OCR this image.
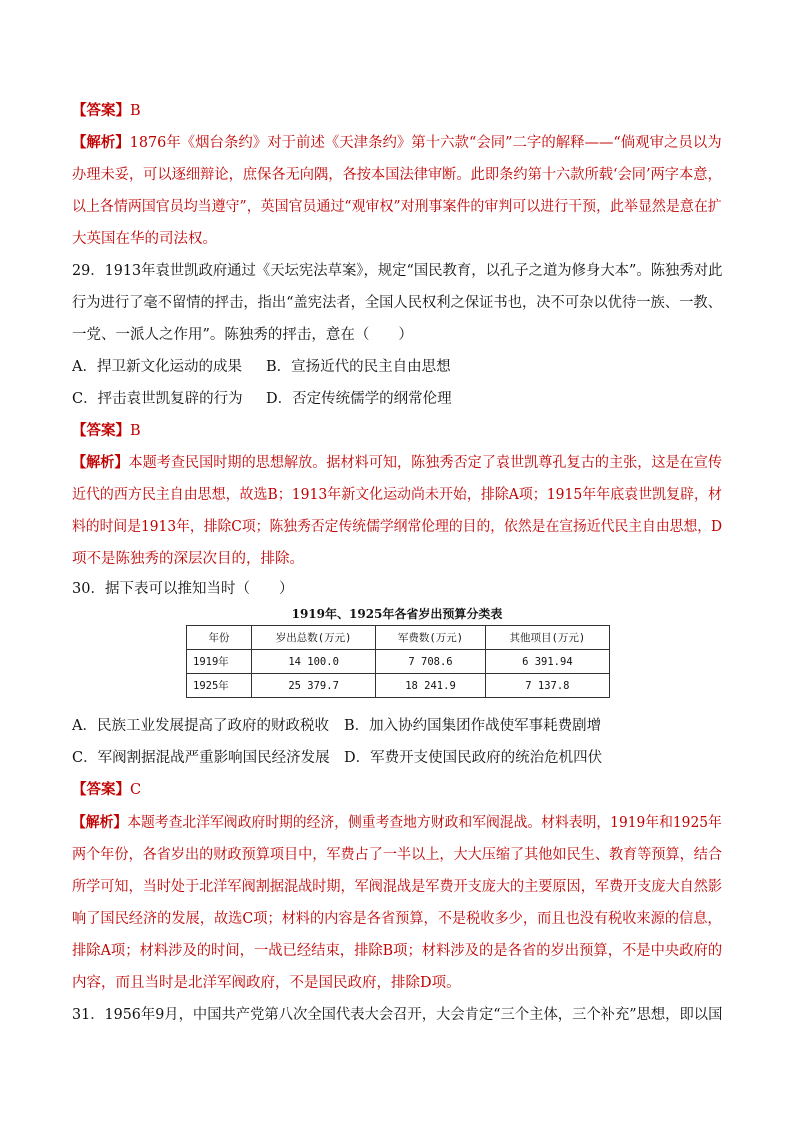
【答案】B
【解析】1876年《烟台条约》对于前述《天津条约》第十六款“会同”二字的解释——“倘观审之员以为
办理未妥，可以逐细辩论，庶保各无向隅，各按本国法律审断。此即条约第十六款所载‘会同’两字本意，
以上各情两国官员均当遵守”，英国官员通过“观审权”对刑事案件的审判可以进行干预，此举显然是意在扩
大英国在华的司法权。
29．1913年袁世凯政府通过《天坛宪法草案》，规定“国民教育，以孔子之道为修身大本”。陈独秀对此
行为进行了毫不留情的抨击，指出“盖宪法者，全国人民权利之保证书也，决不可杂以优待一族、一教、
一党、一派人之作用”。陈独秀的抨击，意在（　　）
A．捍卫新文化运动的成果 B．宣扬近代的民主自由思想
C．抨击袁世凯复辟的行为 D．否定传统儒学的纲常伦理
【答案】B
【解析】本题考查民国时期的思想解放。据材料可知，陈独秀否定了袁世凯尊孔复古的主张，这是在宣传
近代的西方民主自由思想，故选B；1913年新文化运动尚未开始，排除A项；1915年年底袁世凯复辟，材
料的时间是1913年，排除C项；陈独秀否定传统儒学纲常伦理的目的，依然是在宣扬近代民主自由思想，D
项不是陈独秀的深层次目的，排除。
30．据下表可以推知当时（　　）
1919年、1925年各省岁出预算分类表
年份	岁出总数(万元)	军费数(万元)	其他项目(万元)
1919年	14 100.0	7 708.6	6 391.94
1925年	25 379.7	18 241.9	7 137.8
A．民族工业发展提高了政府的财政税收 B．加入协约国集团作战使军事耗费剧增
C．军阀割据混战严重影响国民经济发展 D．军费开支使国民政府的统治危机四伏
【答案】C
【解析】本题考查北洋军阀政府时期的经济，侧重考查地方财政和军阀混战。材料表明，1919年和1925年
两个年份，各省岁出的财政预算项目中，军费占了一半以上，大大压缩了其他如民生、教育等预算，结合
所学可知，当时处于北洋军阀割据混战时期，军阀混战是军费开支庞大的主要原因，军费开支庞大自然影
响了国民经济的发展，故选C项；材料的内容是各省预算，不是税收多少，而且也没有税收来源的信息，
排除A项；材料涉及的时间，一战已经结束，排除B项；材料涉及的是各省的岁出预算，不是中央政府的
内容，而且当时是北洋军阀政府，不是国民政府，排除D项。
31．1956年9月，中国共产党第八次全国代表大会召开，大会肯定“三个主体，三个补充”思想，即以国
